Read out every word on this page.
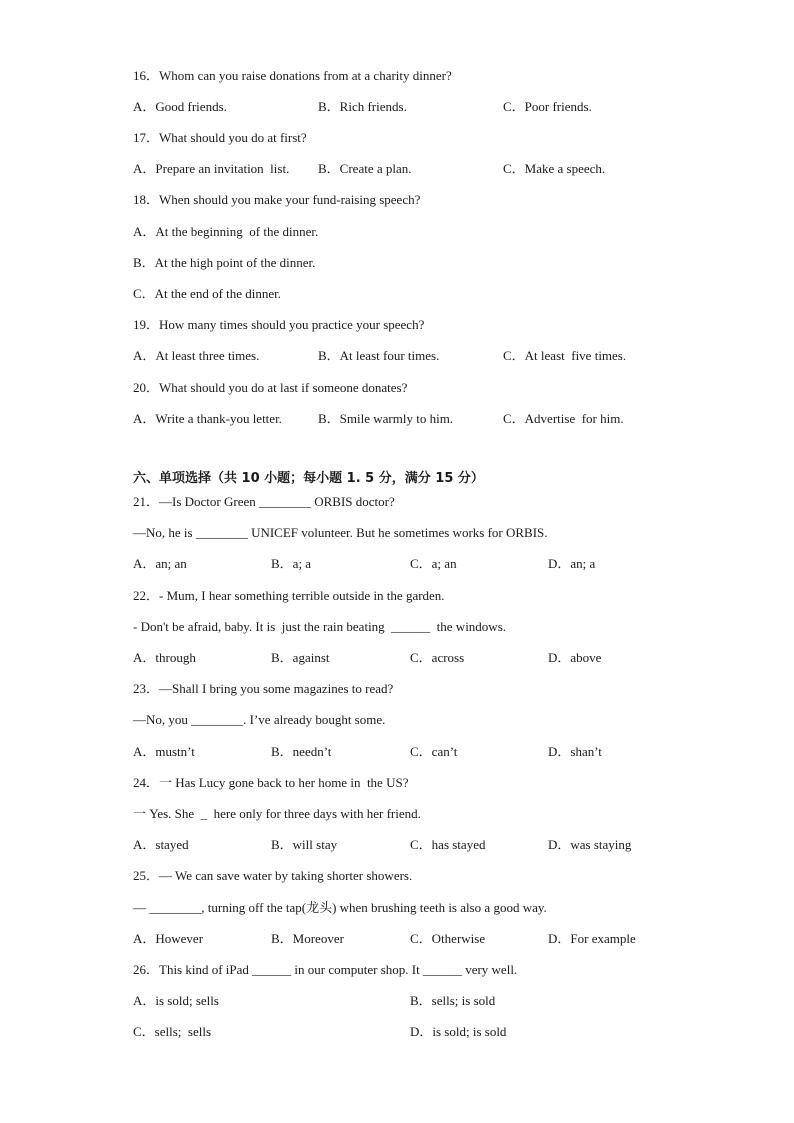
16．Whom can you raise donations from at a charity dinner?
A．Good friends.	B．Rich friends.	C．Poor friends.
17．What should you do at first?
A．Prepare an invitation  list. B．Create a plan.	C．Make a speech.
18．When should you make your fund-raising speech?
A．At the beginning  of the dinner.
B．At the high point of the dinner.
C．At the end of the dinner.
19．How many times should you practice your speech?
A．At least three times.	B．At least four times.	C．At least  five times.
20．What should you do at last if someone donates?
A．Write a thank-you letter.	B．Smile warmly to him.	C．Advertise  for him.
六、单项选择（共 10 小题；每小题 1. 5 分，满分 15 分）
21．—Is Doctor Green ________ ORBIS doctor?
—No, he is ________ UNICEF volunteer. But he sometimes works for ORBIS.
A．an; an	B．a; a	C．a; an	D．an; a
22．- Mum, I hear something terrible outside in the garden.
- Don't be afraid, baby. It is  just the rain beating  ______  the windows.
A．through	B．against	C．across	D．above
23．—Shall I bring you some magazines to read?
—No, you ________. I’ve already bought some.
A．mustn’t	B．needn’t	C．can’t	D．shan’t
24．一 Has Lucy gone back to her home in  the US?
一 Yes. She  _  here only for three days with her friend.
A．stayed	B．will stay	C．has stayed	D．was staying
25．— We can save water by taking shorter showers.
— ________, turning off the tap(龙头) when brushing teeth is also a good way.
A．However	B．Moreover	C．Otherwise	D．For example
26．This kind of iPad ______ in our computer shop. It ______ very well.
A．is sold; sells	B．sells; is sold
C．sells;  sells	D．is sold; is sold
